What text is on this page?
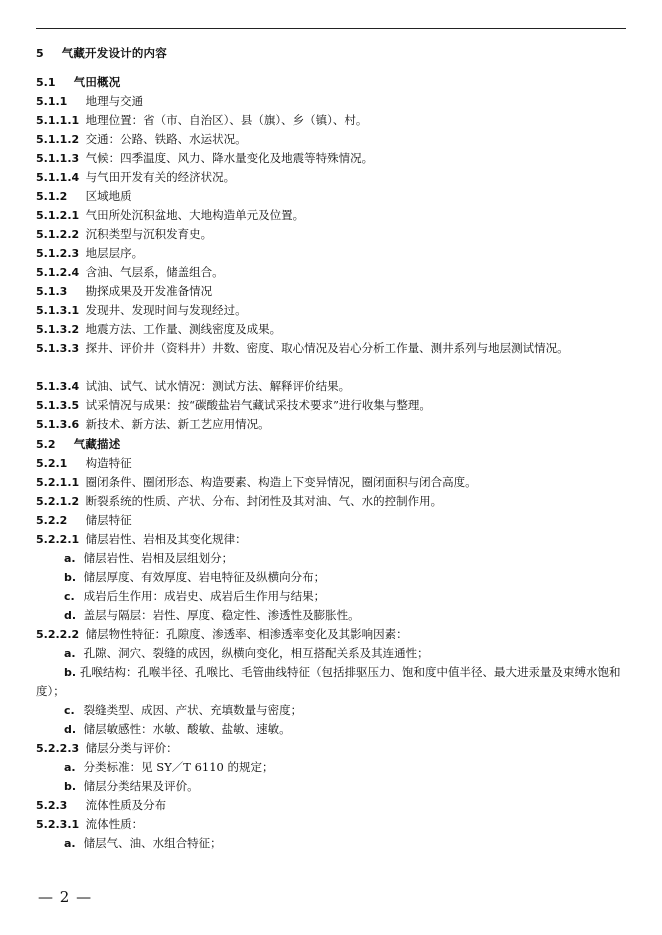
5 气藏开发设计的内容
5.1 气田概况
5.1.1 地理与交通
5.1.1.1 地理位置：省（市、自治区）、县（旗）、乡（镇）、村。
5.1.1.2 交通：公路、铁路、水运状况。
5.1.1.3 气候：四季温度、风力、降水量变化及地震等特殊情况。
5.1.1.4 与气田开发有关的经济状况。
5.1.2 区域地质
5.1.2.1 气田所处沉积盆地、大地构造单元及位置。
5.1.2.2 沉积类型与沉积发育史。
5.1.2.3 地层层序。
5.1.2.4 含油、气层系，储盖组合。
5.1.3 勘探成果及开发准备情况
5.1.3.1 发现井、发现时间与发现经过。
5.1.3.2 地震方法、工作量、测线密度及成果。
5.1.3.3 探井、评价井（资料井）井数、密度、取心情况及岩心分析工作量、测井系列与地层测试情况。
5.1.3.4 试油、试气、试水情况：测试方法、解释评价结果。
5.1.3.5 试采情况与成果：按“碳酸盐岩气藏试采技术要求”进行收集与整理。
5.1.3.6 新技术、新方法、新工艺应用情况。
5.2 气藏描述
5.2.1 构造特征
5.2.1.1 圈闭条件、圈闭形态、构造要素、构造上下变异情况，圈闭面积与闭合高度。
5.2.1.2 断裂系统的性质、产状、分布、封闭性及其对油、气、水的控制作用。
5.2.2 储层特征
5.2.2.1 储层岩性、岩相及其变化规律：
a. 储层岩性、岩相及层组划分；
b. 储层厚度、有效厚度、岩电特征及纵横向分布；
c. 成岩后生作用：成岩史、成岩后生作用与结果；
d. 盖层与隔层：岩性、厚度、稳定性、渗透性及膨胀性。
5.2.2.2 储层物性特征：孔隙度、渗透率、相渗透率变化及其影响因素：
a. 孔隙、洞穴、裂缝的成因，纵横向变化，相互搭配关系及其连通性；
b. 孔喉结构：孔喉半径、孔喉比、毛管曲线特征（包括排驱压力、饱和度中值半径、最大进汞量及束缚水饱和度）；
c. 裂缝类型、成因、产状、充填数量与密度；
d. 储层敏感性：水敏、酸敏、盐敏、速敏。
5.2.2.3 储层分类与评价：
a. 分类标准：见 SY／T 6110 的规定；
b. 储层分类结果及评价。
5.2.3 流体性质及分布
5.2.3.1 流体性质：
a. 储层气、油、水组合特征；
— 2 —
